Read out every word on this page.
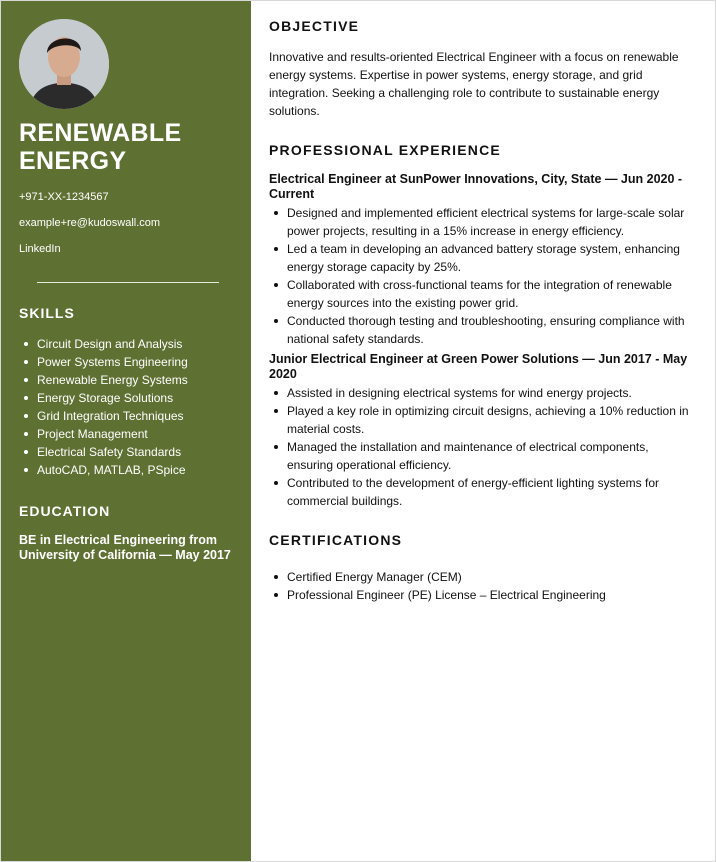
RENEWABLE
ENERGY
+971-XX-1234567
example+re@kudoswall.com
LinkedIn
SKILLS
Circuit Design and Analysis
Power Systems Engineering
Renewable Energy Systems
Energy Storage Solutions
Grid Integration Techniques
Project Management
Electrical Safety Standards
AutoCAD, MATLAB, PSpice
EDUCATION
BE in Electrical Engineering from University of California — May 2017
OBJECTIVE

Innovative and results-oriented Electrical Engineer with a focus on renewable energy systems. Expertise in power systems, energy storage, and grid integration. Seeking a challenging role to contribute to sustainable energy solutions.

PROFESSIONAL EXPERIENCE
Electrical Engineer at SunPower Innovations, City, State — Jun 2020 - Current
Designed and implemented efficient electrical systems for large-scale solar power projects, resulting in a 15% increase in energy efficiency.
Led a team in developing an advanced battery storage system, enhancing energy storage capacity by 25%.
Collaborated with cross-functional teams for the integration of renewable energy sources into the existing power grid.
Conducted thorough testing and troubleshooting, ensuring compliance with national safety standards.
Junior Electrical Engineer at Green Power Solutions — Jun 2017 - May 2020
Assisted in designing electrical systems for wind energy projects.
Played a key role in optimizing circuit designs, achieving a 10% reduction in material costs.
Managed the installation and maintenance of electrical components, ensuring operational efficiency.
Contributed to the development of energy-efficient lighting systems for commercial buildings.
CERTIFICATIONS
Certified Energy Manager (CEM)
Professional Engineer (PE) License – Electrical Engineering
